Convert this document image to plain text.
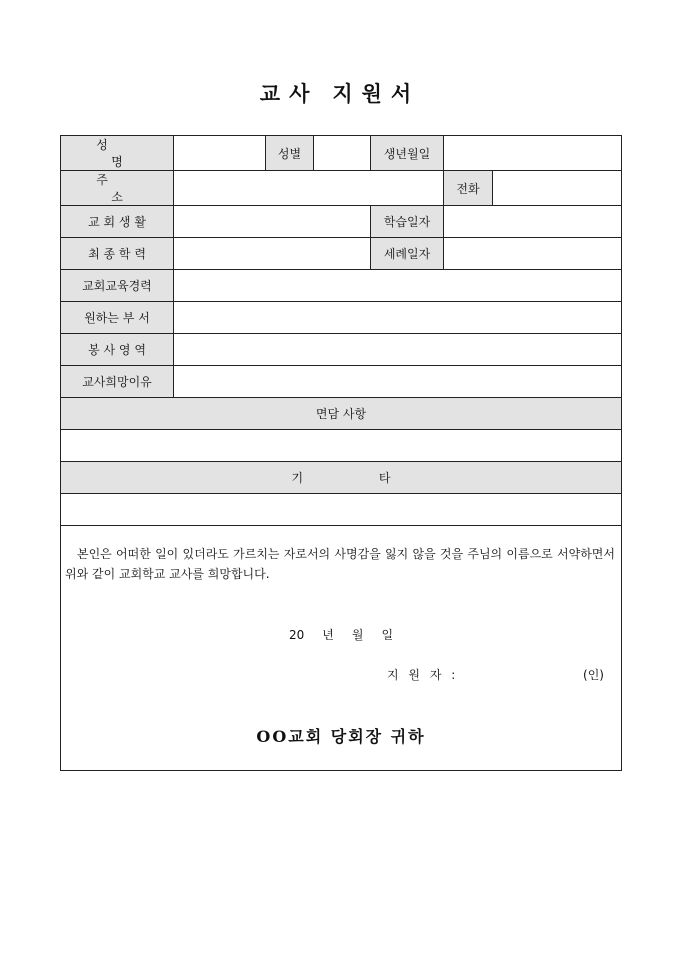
교사 지원서
성 명		성별		생년월일		
주 소					전화	
교 회 생 활				학습일자		
최 종 학 력				세례일자		
교회교육경력						
원하는 부 서						
봉 사 영 역						
교사희망이유						
면담 사항						

기 타						

본인은 어떠한 일이 있더라도 가르치는 자로서의 사명감을 잃지 않을 것을 주님의 이름으로 서약하면서 위와 같이 교회학교 교사를 희망합니다.
20 년 월 일
지 원 자 : (인)
OO교회 당회장 귀하						
